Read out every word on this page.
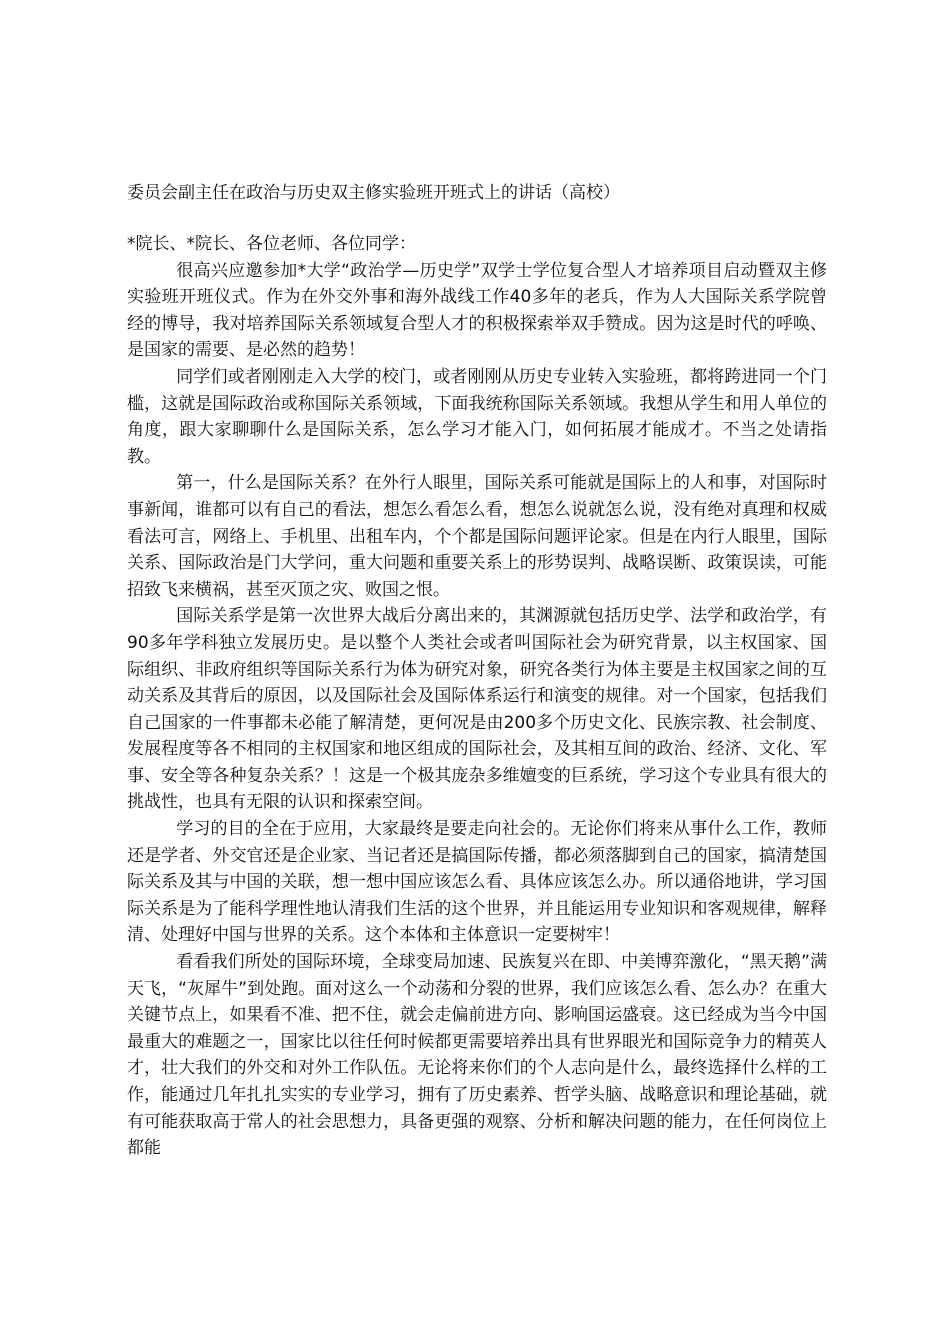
委员会副主任在政治与历史双主修实验班开班式上的讲话（高校）

*院长、*院长、各位老师、各位同学：

很高兴应邀参加*大学“政治学—历史学”双学士学位复合型人才培养项目启动暨双主修实验班开班仪式。作为在外交外事和海外战线工作40多年的老兵，作为人大国际关系学院曾经的博导，我对培养国际关系领域复合型人才的积极探索举双手赞成。因为这是时代的呼唤、是国家的需要、是必然的趋势！

同学们或者刚刚走入大学的校门，或者刚刚从历史专业转入实验班，都将跨进同一个门槛，这就是国际政治或称国际关系领域，下面我统称国际关系领域。我想从学生和用人单位的角度，跟大家聊聊什么是国际关系，怎么学习才能入门，如何拓展才能成才。不当之处请指教。

第一，什么是国际关系？在外行人眼里，国际关系可能就是国际上的人和事，对国际时事新闻，谁都可以有自己的看法，想怎么看怎么看，想怎么说就怎么说，没有绝对真理和权威看法可言，网络上、手机里、出租车内，个个都是国际问题评论家。但是在内行人眼里，国际关系、国际政治是门大学问，重大问题和重要关系上的形势误判、战略误断、政策误读，可能招致飞来横祸，甚至灭顶之灾、败国之恨。

国际关系学是第一次世界大战后分离出来的，其渊源就包括历史学、法学和政治学，有90多年学科独立发展历史。是以整个人类社会或者叫国际社会为研究背景，以主权国家、国际组织、非政府组织等国际关系行为体为研究对象，研究各类行为体主要是主权国家之间的互动关系及其背后的原因，以及国际社会及国际体系运行和演变的规律。对一个国家，包括我们自己国家的一件事都未必能了解清楚，更何况是由200多个历史文化、民族宗教、社会制度、发展程度等各不相同的主权国家和地区组成的国际社会，及其相互间的政治、经济、文化、军事、安全等各种复杂关系？！这是一个极其庞杂多维嬗变的巨系统，学习这个专业具有很大的挑战性，也具有无限的认识和探索空间。

学习的目的全在于应用，大家最终是要走向社会的。无论你们将来从事什么工作，教师还是学者、外交官还是企业家、当记者还是搞国际传播，都必须落脚到自己的国家，搞清楚国际关系及其与中国的关联，想一想中国应该怎么看、具体应该怎么办。所以通俗地讲，学习国际关系是为了能科学理性地认清我们生活的这个世界，并且能运用专业知识和客观规律，解释清、处理好中国与世界的关系。这个本体和主体意识一定要树牢！

看看我们所处的国际环境，全球变局加速、民族复兴在即、中美博弈激化，“黑天鹅”满天飞，“灰犀牛”到处跑。面对这么一个动荡和分裂的世界，我们应该怎么看、怎么办？在重大关键节点上，如果看不准、把不住，就会走偏前进方向、影响国运盛衰。这已经成为当今中国最重大的难题之一，国家比以往任何时候都更需要培养出具有世界眼光和国际竞争力的精英人才，壮大我们的外交和对外工作队伍。无论将来你们的个人志向是什么，最终选择什么样的工作，能通过几年扎扎实实的专业学习，拥有了历史素养、哲学头脑、战略意识和理论基础，就有可能获取高于常人的社会思想力，具备更强的观察、分析和解决问题的能力，在任何岗位上都能
